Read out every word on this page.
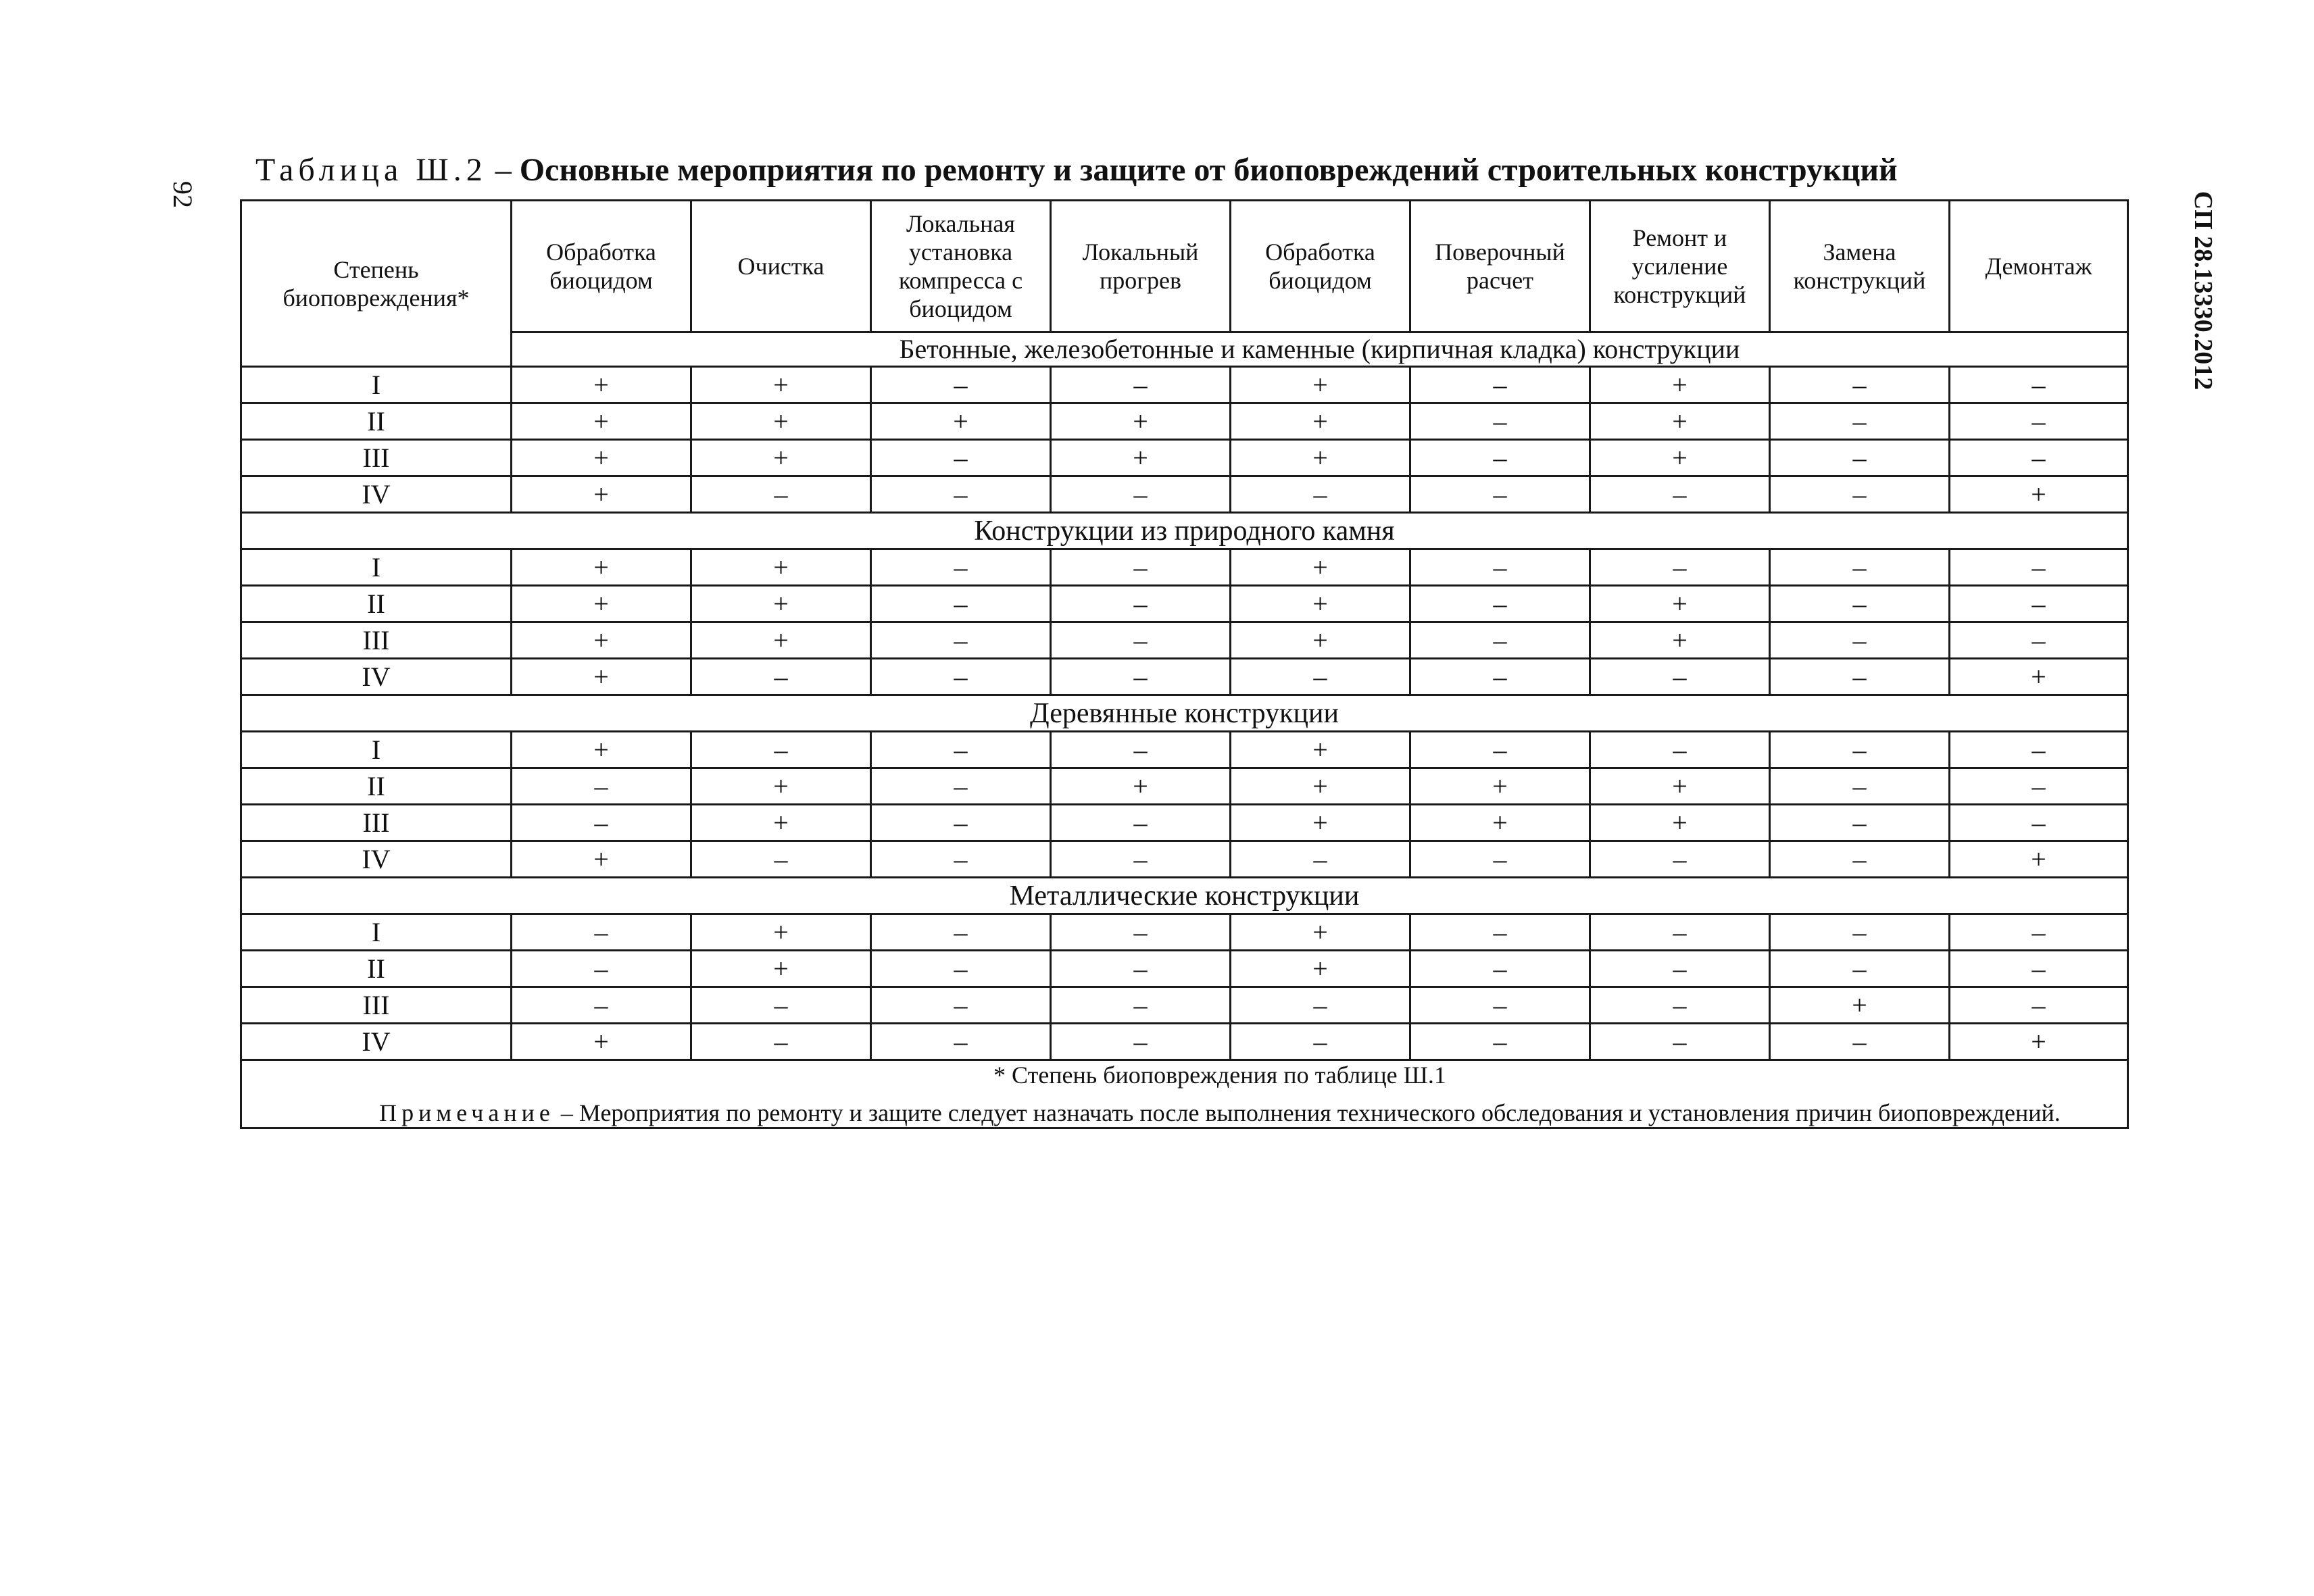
92	СП 28.13330.2012
Таблица Ш.2 – Основные мероприятия по ремонту и защите от биоповреждений строительных конструкций
Степень биоповреждения*	Обработка биоцидом	Очистка	Локальная установка компресса с биоцидом	Локальный прогрев	Обработка биоцидом	Поверочный расчет	Ремонт и усиление конструкций	Замена конструкций	Демонтаж
	Бетонные, железобетонные и каменные (кирпичная кладка) конструкции								
I	+	+	–	–	+	–	+	–	–
II	+	+	+	+	+	–	+	–	–
III	+	+	–	+	+	–	+	–	–
IV	+	–	–	–	–	–	–	–	+
Конструкции из природного камня									
I	+	+	–	–	+	–	–	–	–
II	+	+	–	–	+	–	+	–	–
III	+	+	–	–	+	–	+	–	–
IV	+	–	–	–	–	–	–	–	+
Деревянные конструкции									
I	+	–	–	–	+	–	–	–	–
II	–	+	–	+	+	+	+	–	–
III	–	+	–	–	+	+	+	–	–
IV	+	–	–	–	–	–	–	–	+
Металлические конструкции									
I	–	+	–	–	+	–	–	–	–
II	–	+	–	–	+	–	–	–	–
III	–	–	–	–	–	–	–	+	–
IV	+	–	–	–	–	–	–	–	+

* Степень биоповреждения по таблице Ш.1

Примечание – Мероприятия по ремонту и защите следует назначать после выполнения технического обследования и установления причин биоповреждений.									
